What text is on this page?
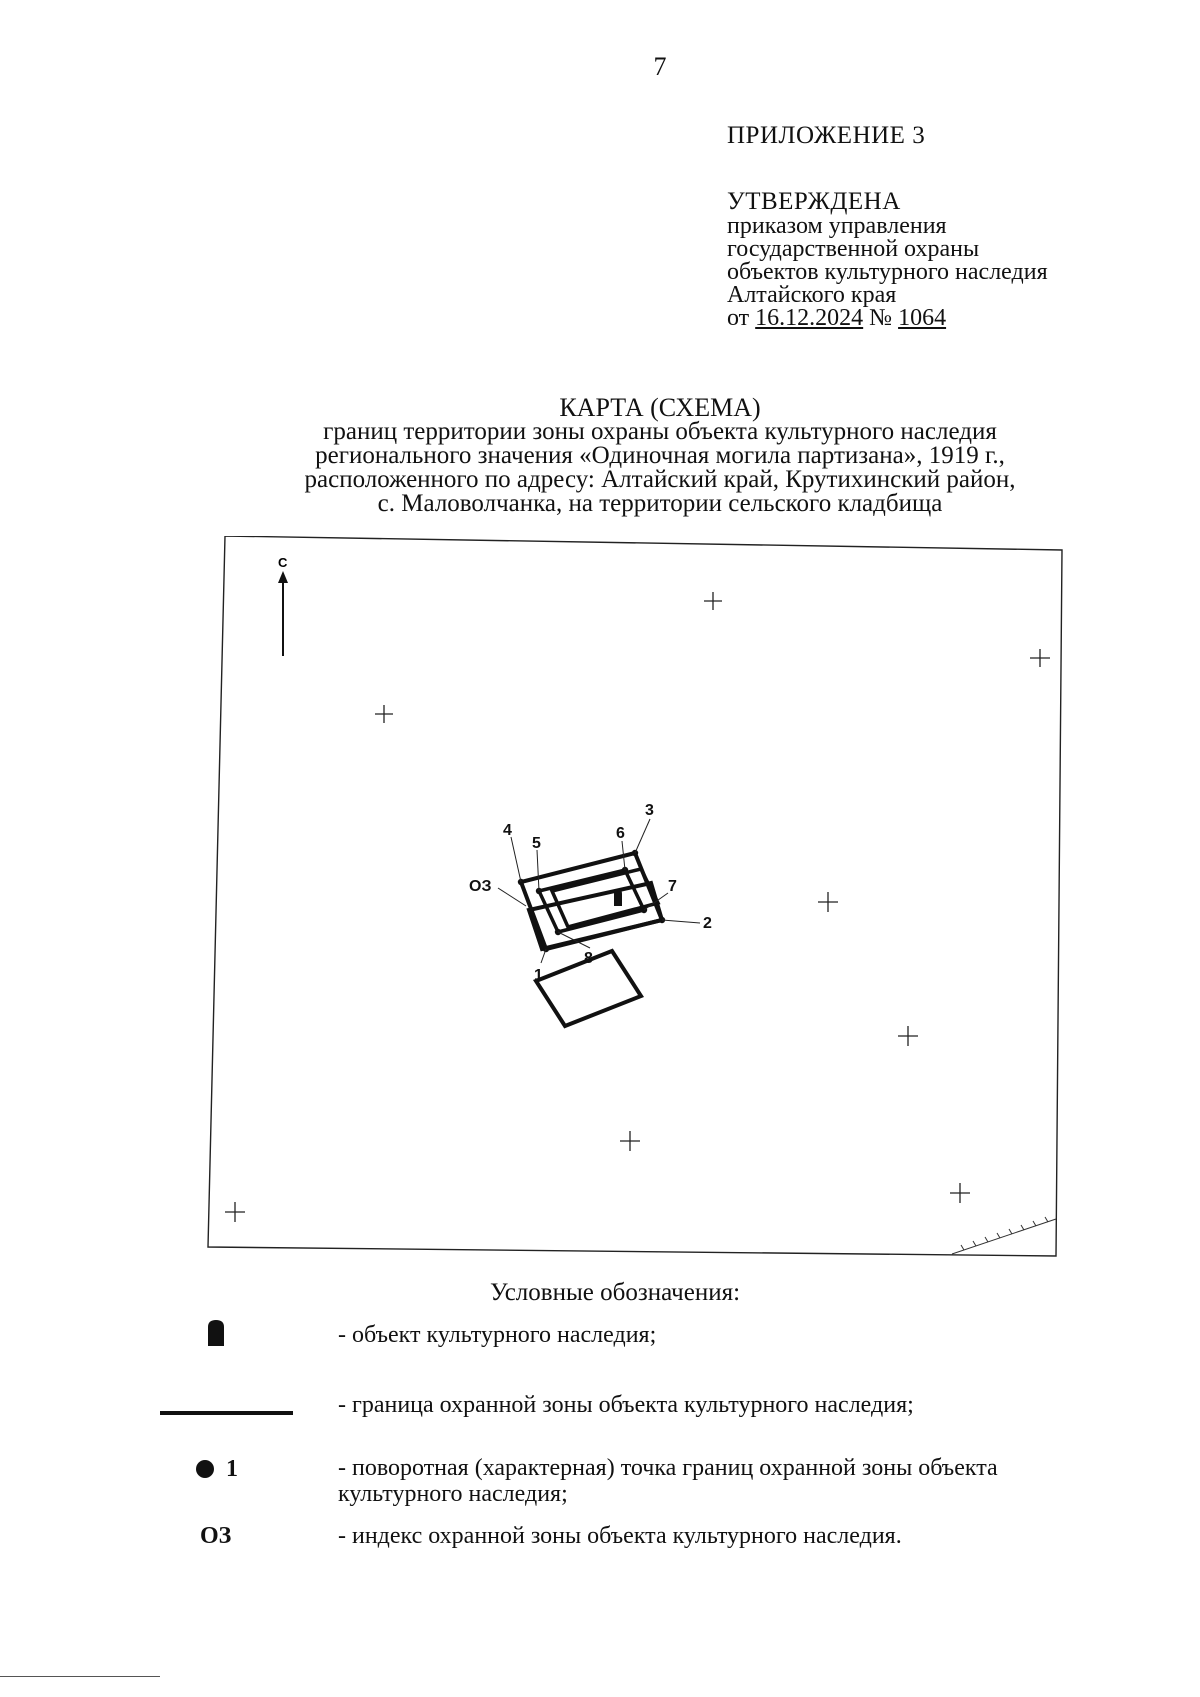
7
ПРИЛОЖЕНИЕ 3
УТВЕРЖДЕНА
приказом управления
государственной охраны
объектов культурного наследия
Алтайского края
от 16.12.2024 № 1064
КАРТА (СХЕМА)
границ территории зоны охраны объекта культурного наследия
регионального значения «Одиночная могила партизана», 1919 г.,
расположенного по адресу: Алтайский край, Крутихинский район,
с. Маловолчанка, на территории сельского кладбища
С
1
2
3
4
5
6
7
8
ОЗ
Условные обозначения:
- объект культурного наследия;
- граница охранной зоны объекта культурного наследия;
1	- поворотная (характерная) точка границ охранной зоны объекта культурного наследия;
ОЗ	- индекс охранной зоны объекта культурного наследия.
